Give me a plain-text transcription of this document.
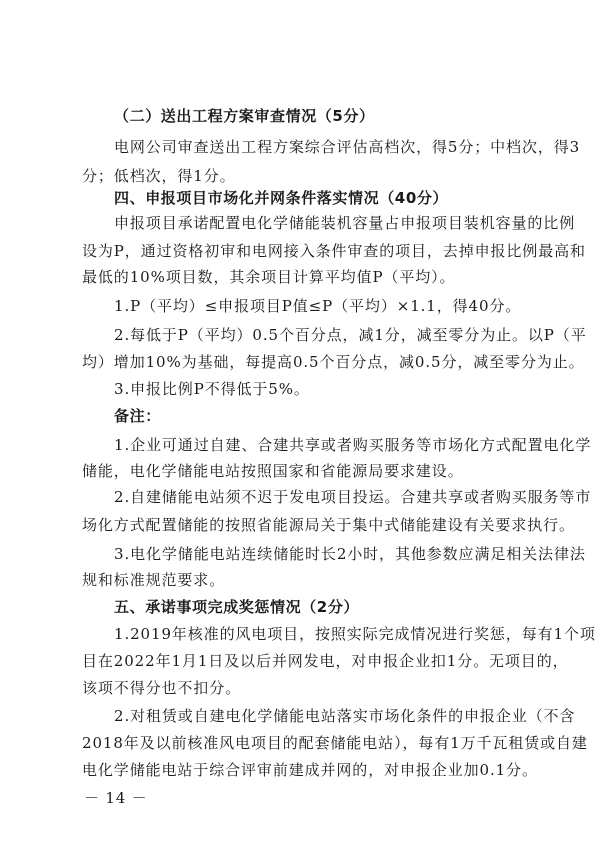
（二）送出工程方案审查情况（5分）
电网公司审查送出工程方案综合评估高档次，得5分；中档次，得3
分；低档次，得1分。
四、申报项目市场化并网条件落实情况（40分）
申报项目承诺配置电化学储能装机容量占申报项目装机容量的比例
设为P，通过资格初审和电网接入条件审查的项目，去掉申报比例最高和
最低的10%项目数，其余项目计算平均值P（平均）。
1.P（平均）≤申报项目P值≤P（平均）×1.1，得40分。
2.每低于P（平均）0.5个百分点，减1分，减至零分为止。以P（平
均）增加10%为基础，每提高0.5个百分点，减0.5分，减至零分为止。
3.申报比例P不得低于5%。
备注：
1.企业可通过自建、合建共享或者购买服务等市场化方式配置电化学
储能，电化学储能电站按照国家和省能源局要求建设。
2.自建储能电站须不迟于发电项目投运。合建共享或者购买服务等市
场化方式配置储能的按照省能源局关于集中式储能建设有关要求执行。
3.电化学储能电站连续储能时长2小时，其他参数应满足相关法律法
规和标准规范要求。
五、承诺事项完成奖惩情况（2分）
1.2019年核准的风电项目，按照实际完成情况进行奖惩，每有1个项
目在2022年1月1日及以后并网发电，对申报企业扣1分。无项目的，
该项不得分也不扣分。
2.对租赁或自建电化学储能电站落实市场化条件的申报企业（不含
2018年及以前核准风电项目的配套储能电站），每有1万千瓦租赁或自建
电化学储能电站于综合评审前建成并网的，对申报企业加0.1分。
－ 14 －
